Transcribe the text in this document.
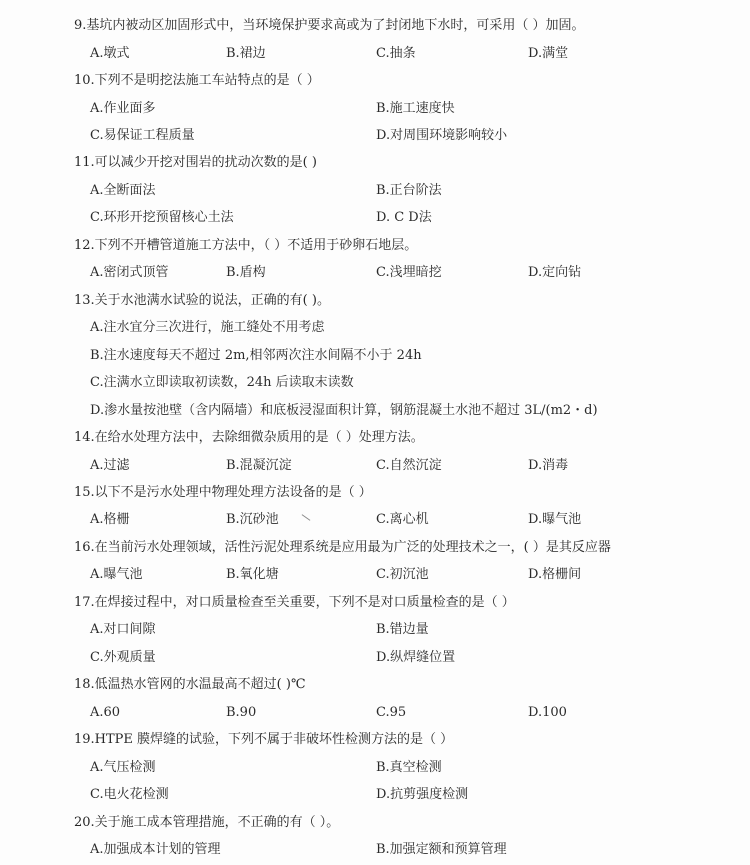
9.基坑内被动区加固形式中，当环境保护要求高或为了封闭地下水时，可采用（ ）加固。
A.墩式	B.裙边	C.抽条	D.满堂
10.下列不是明挖法施工车站特点的是（ ）
A.作业面多	B.施工速度快
C.易保证工程质量	D.对周围环境影响较小
11.可以减少开挖对围岩的扰动次数的是( )
A.全断面法	B.正台阶法
C.环形开挖预留核心土法	D. C D法
12.下列不开槽管道施工方法中，（ ）不适用于砂卵石地层。
A.密闭式顶管	B.盾构	C.浅埋暗挖	D.定向钻
13.关于水池满水试验的说法，正确的有( )。
A.注水宜分三次进行，施工缝处不用考虑
B.注水速度每天不超过 2m,相邻两次注水间隔不小于 24h
C.注满水立即读取初读数，24h 后读取末读数
D.渗水量按池壁（含内隔墙）和底板浸湿面积计算，钢筋混凝土水池不超过 3L/(m2・d)
14.在给水处理方法中，去除细微杂质用的是（ ）处理方法。
A.过滤	B.混凝沉淀	C.自然沉淀	D.消毒
15.以下不是污水处理中物理处理方法设备的是（ ）
A.格栅	B.沉砂池	C.离心机	D.曝气池
16.在当前污水处理领域，活性污泥处理系统是应用最为广泛的处理技术之一，( ）是其反应器
A.曝气池	B.氧化塘	C.初沉池	D.格栅间
17.在焊接过程中，对口质量检查至关重要，下列不是对口质量检查的是（ ）
A.对口间隙	B.错边量
C.外观质量	D.纵焊缝位置
18.低温热水管网的水温最高不超过( )℃
A.60	B.90	C.95	D.100
19.HTPE 膜焊缝的试验，下列不属于非破坏性检测方法的是（ ）
A.气压检测	B.真空检测
C.电火花检测	D.抗剪强度检测
20.关于施工成本管理措施，不正确的有（ ）。
A.加强成本计划的管理	B.加强定额和预算管理
